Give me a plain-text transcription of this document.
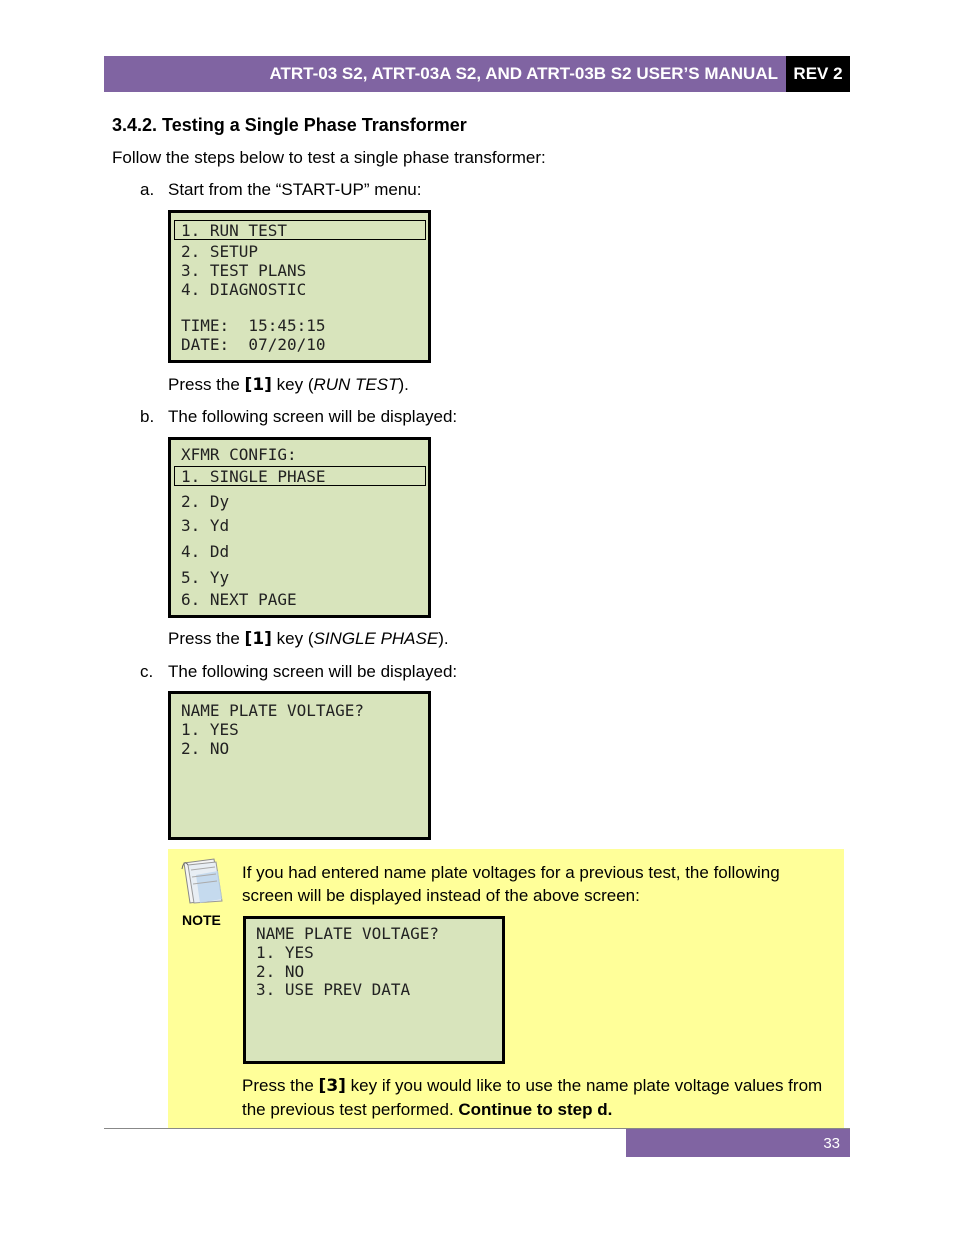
ATRT-03 S2, ATRT-03A S2, AND ATRT-03B S2 USER’S MANUAL REV 2
3.4.2. Testing a Single Phase Transformer
Follow the steps below to test a single phase transformer:
a. Start from the “START-UP” menu:
1. RUN TEST
2. SETUP
3. TEST PLANS
4. DIAGNOSTIC
TIME:  15:45:15
DATE:  07/20/10
Press the [1] key (RUN TEST).
b. The following screen will be displayed:
XFMR CONFIG:
1. SINGLE PHASE
2. Dy
3. Yd
4. Dd
5. Yy
6. NEXT PAGE
Press the [1] key (SINGLE PHASE).
c. The following screen will be displayed:
NAME PLATE VOLTAGE?
1. YES
2. NO
NOTE
If you had entered name plate voltages for a previous test, the following screen will be displayed instead of the above screen:
NAME PLATE VOLTAGE?
1. YES
2. NO
3. USE PREV DATA
Press the [3] key if you would like to use the name plate voltage values from the previous test performed. Continue to step d.
33
